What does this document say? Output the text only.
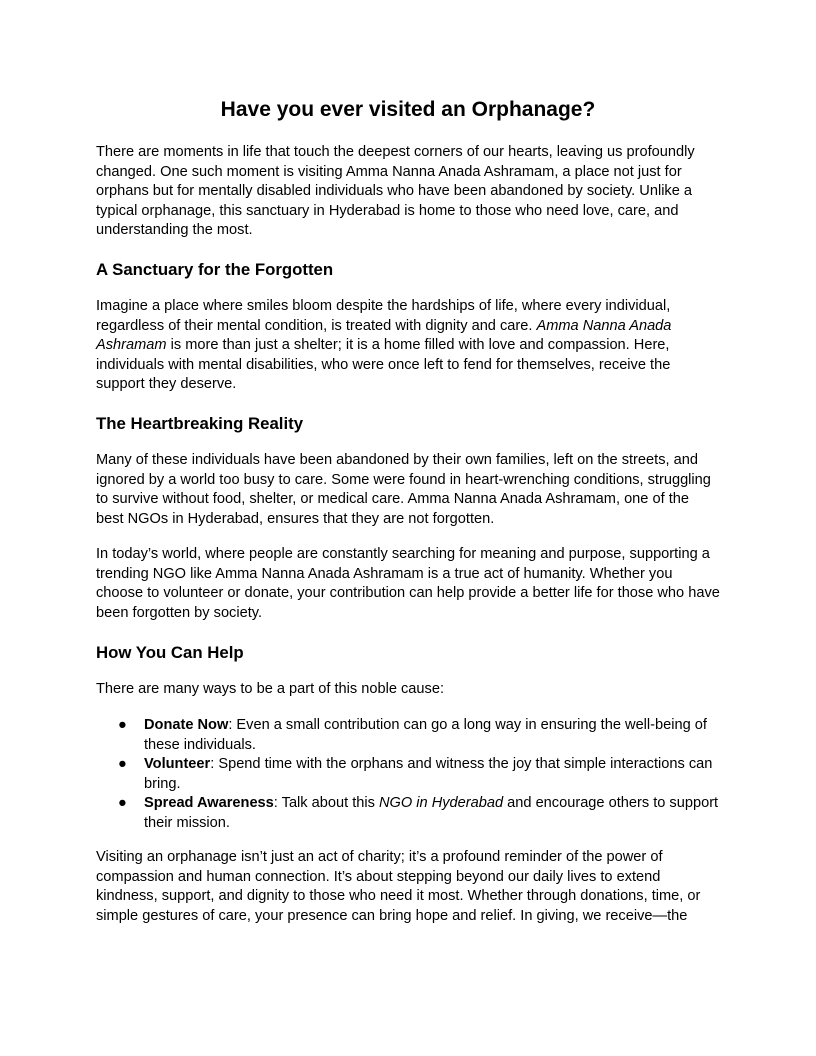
Have you ever visited an Orphanage?

There are moments in life that touch the deepest corners of our hearts, leaving us profoundly changed. One such moment is visiting Amma Nanna Anada Ashramam, a place not just for orphans but for mentally disabled individuals who have been abandoned by society. Unlike a typical orphanage, this sanctuary in Hyderabad is home to those who need love, care, and understanding the most.

A Sanctuary for the Forgotten

Imagine a place where smiles bloom despite the hardships of life, where every individual, regardless of their mental condition, is treated with dignity and care. Amma Nanna Anada Ashramam is more than just a shelter; it is a home filled with love and compassion. Here, individuals with mental disabilities, who were once left to fend for themselves, receive the support they deserve.

The Heartbreaking Reality

Many of these individuals have been abandoned by their own families, left on the streets, and ignored by a world too busy to care. Some were found in heart-wrenching conditions, struggling to survive without food, shelter, or medical care. Amma Nanna Anada Ashramam, one of the best NGOs in Hyderabad, ensures that they are not forgotten.

In today’s world, where people are constantly searching for meaning and purpose, supporting a trending NGO like Amma Nanna Anada Ashramam is a true act of humanity. Whether you choose to volunteer or donate, your contribution can help provide a better life for those who have been forgotten by society.

How You Can Help

There are many ways to be a part of this noble cause:

● Donate Now: Even a small contribution can go a long way in ensuring the well-being of these individuals.
● Volunteer: Spend time with the orphans and witness the joy that simple interactions can bring.
● Spread Awareness: Talk about this NGO in Hyderabad and encourage others to support their mission.

Visiting an orphanage isn’t just an act of charity; it’s a profound reminder of the power of compassion and human connection. It’s about stepping beyond our daily lives to extend kindness, support, and dignity to those who need it most. Whether through donations, time, or simple gestures of care, your presence can bring hope and relief. In giving, we receive—the
